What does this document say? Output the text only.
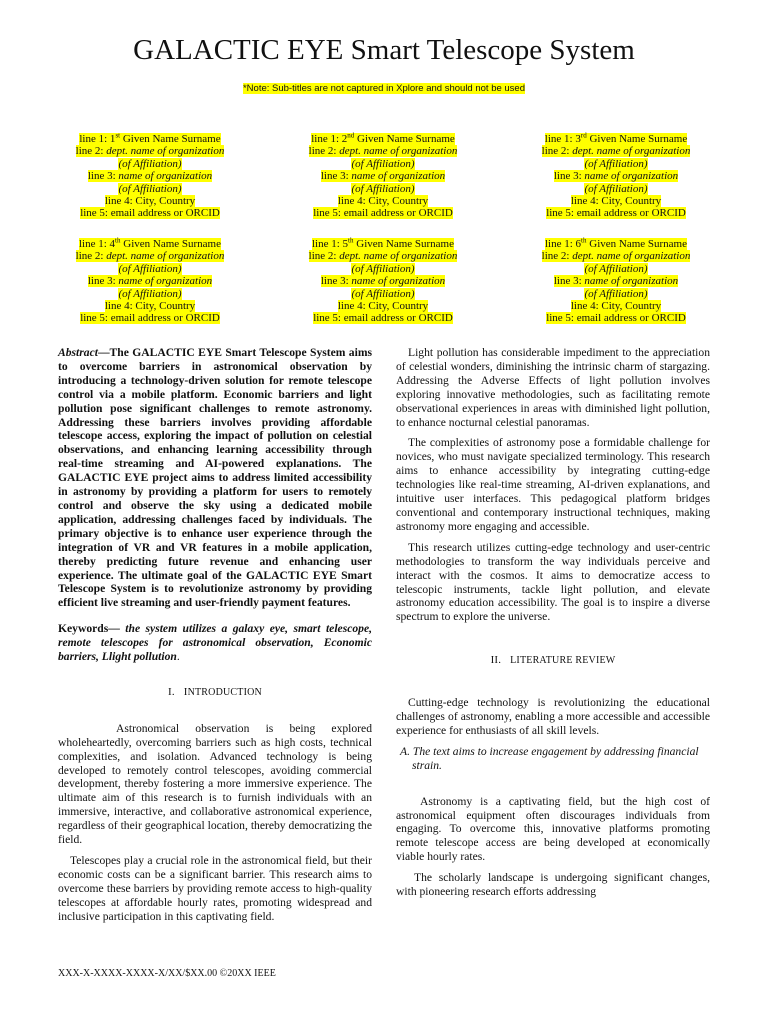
GALACTIC EYE Smart Telescope System
*Note: Sub-titles are not captured in Xplore and should not be used
line 1: 1st Given Name Surname
line 2: dept. name of organization
(of Affiliation)
line 3: name of organization
(of Affiliation)
line 4: City, Country
line 5: email address or ORCID
line 1: 2nd Given Name Surname
line 2: dept. name of organization
(of Affiliation)
line 3: name of organization
(of Affiliation)
line 4: City, Country
line 5: email address or ORCID
line 1: 3rd Given Name Surname
line 2: dept. name of organization
(of Affiliation)
line 3: name of organization
(of Affiliation)
line 4: City, Country
line 5: email address or ORCID
line 1: 4th Given Name Surname
line 2: dept. name of organization
(of Affiliation)
line 3: name of organization
(of Affiliation)
line 4: City, Country
line 5: email address or ORCID
line 1: 5th Given Name Surname
line 2: dept. name of organization
(of Affiliation)
line 3: name of organization
(of Affiliation)
line 4: City, Country
line 5: email address or ORCID
line 1: 6th Given Name Surname
line 2: dept. name of organization
(of Affiliation)
line 3: name of organization
(of Affiliation)
line 4: City, Country
line 5: email address or ORCID

Abstract—The GALACTIC EYE Smart Telescope System aims to overcome barriers in astronomical observation by introducing a technology-driven solution for remote telescope control via a mobile platform. Economic barriers and light pollution pose significant challenges to remote astronomy. Addressing these barriers involves providing affordable telescope access, exploring the impact of pollution on celestial observations, and enhancing learning accessibility through real-time streaming and AI-powered explanations. The GALACTIC EYE project aims to address limited accessibility in astronomy by providing a platform for users to remotely control and observe the sky using a dedicated mobile application, addressing challenges faced by individuals. The primary objective is to enhance user experience through the integration of VR and VR features in a mobile application, thereby predicting future revenue and enhancing user experience. The ultimate goal of the GALACTIC EYE Smart Telescope System is to revolutionize astronomy by providing efficient live streaming and user-friendly payment features.

Keywords— the system utilizes a galaxy eye, smart telescope, remote telescopes for astronomical observation, Economic barriers, Llight pollution.

I. INTRODUCTION

Astronomical observation is being explored wholeheartedly, overcoming barriers such as high costs, technical complexities, and isolation. Advanced technology is being developed to remotely control telescopes, avoiding commercial development, thereby fostering a more immersive experience. The ultimate aim of this research is to furnish individuals with an immersive, interactive, and collaborative astronomical experience, regardless of their geographical location, thereby democratizing the field.

Telescopes play a crucial role in the astronomical field, but their economic costs can be a significant barrier. This research aims to overcome these barriers by providing remote access to high-quality telescopes at affordable hourly rates, promoting widespread and inclusive participation in this captivating field.

Light pollution has considerable impediment to the appreciation of celestial wonders, diminishing the intrinsic charm of stargazing. Addressing the Adverse Effects of light pollution involves exploring innovative methodologies, such as facilitating remote observational experiences in areas with diminished light pollution, to enhance nocturnal celestial panoramas.

The complexities of astronomy pose a formidable challenge for novices, who must navigate specialized terminology. This research aims to enhance accessibility by integrating cutting-edge technologies like real-time streaming, AI-driven explanations, and intuitive user interfaces. This pedagogical platform bridges conventional and contemporary instructional techniques, making astronomy more engaging and accessible.

This research utilizes cutting-edge technology and user-centric methodologies to transform the way individuals perceive and interact with the cosmos. It aims to democratize access to telescopic instruments, tackle light pollution, and elevate astronomy education accessibility. The goal is to inspire a diverse spectrum to explore the universe.

II. LITERATURE REVIEW

Cutting-edge technology is revolutionizing the educational challenges of astronomy, enabling a more accessible and accessible experience for enthusiasts of all skill levels.

A. The text aims to increase engagement by addressing financial strain.

Astronomy is a captivating field, but the high cost of astronomical equipment often discourages individuals from engaging. To overcome this, innovative platforms promoting remote telescope access are being developed at economically viable hourly rates.

The scholarly landscape is undergoing significant changes, with pioneering research efforts addressing

XXX-X-XXXX-XXXX-X/XX/$XX.00 ©20XX IEEE
